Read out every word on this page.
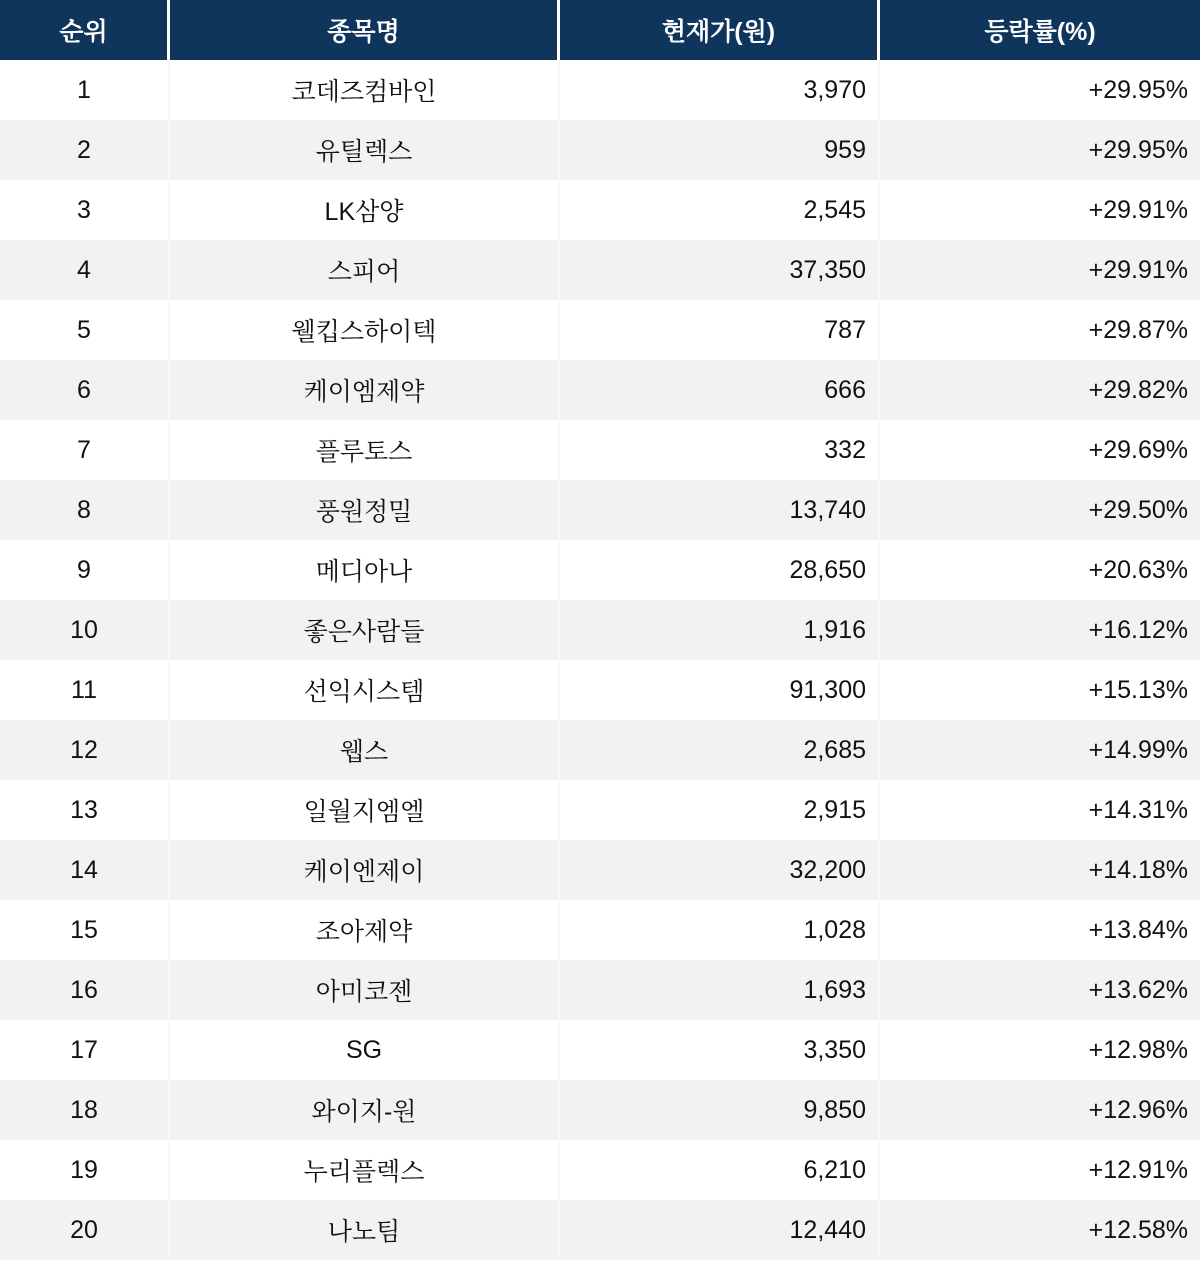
순위	종목명	현재가(원)	등락률(%)
1	코데즈컴바인	3,970	+29.95%
2	유틸렉스	959	+29.95%
3	LK삼양	2,545	+29.91%
4	스피어	37,350	+29.91%
5	웰킵스하이텍	787	+29.87%
6	케이엠제약	666	+29.82%
7	플루토스	332	+29.69%
8	풍원정밀	13,740	+29.50%
9	메디아나	28,650	+20.63%
10	좋은사람들	1,916	+16.12%
11	선익시스템	91,300	+15.13%
12	웹스	2,685	+14.99%
13	일월지엠엘	2,915	+14.31%
14	케이엔제이	32,200	+14.18%
15	조아제약	1,028	+13.84%
16	아미코젠	1,693	+13.62%
17	SG	3,350	+12.98%
18	와이지-원	9,850	+12.96%
19	누리플렉스	6,210	+12.91%
20	나노팀	12,440	+12.58%
